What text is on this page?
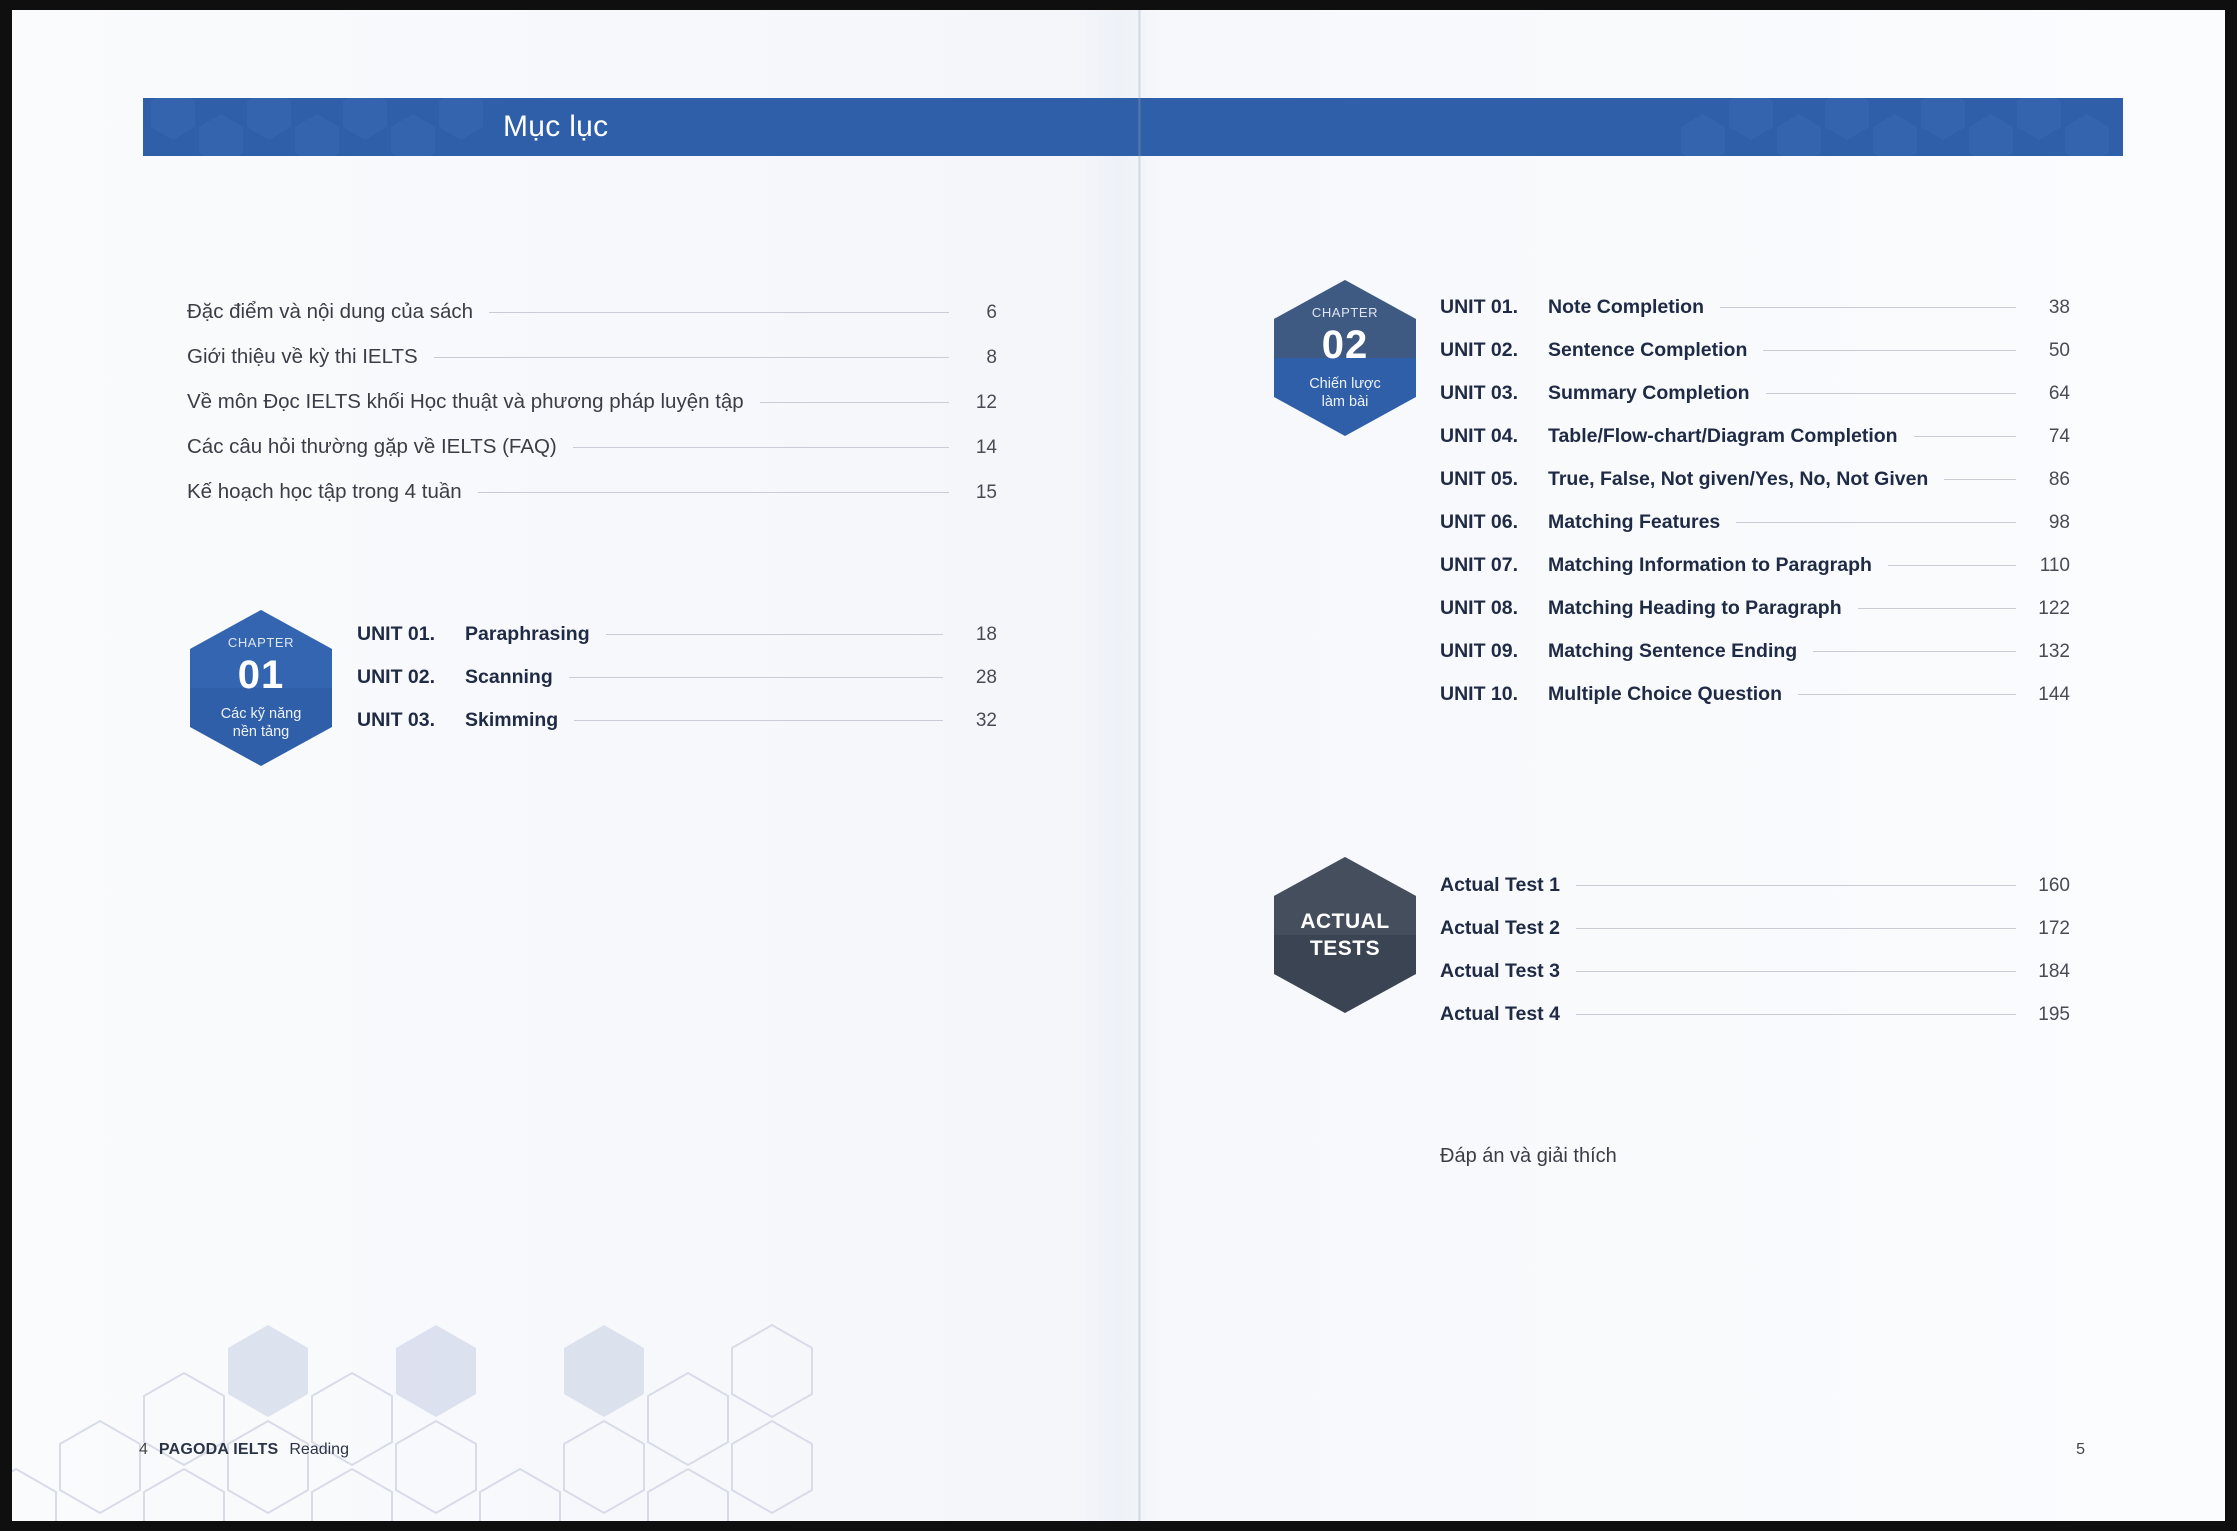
Mục lục
Đặc điểm và nội dung của sách	6
Giới thiệu về kỳ thi IELTS	8
Về môn Đọc IELTS khối Học thuật và phương pháp luyện tập	12
Các câu hỏi thường gặp về IELTS (FAQ)	14
Kế hoạch học tập trong 4 tuần	15
CHAPTER
01
Các kỹ năng
nền tảng
UNIT 01.	Paraphrasing	18
UNIT 02.	Scanning	28
UNIT 03.	Skimming	32
4 PAGODA IELTS Reading
CHAPTER
02
Chiến lược
làm bài
UNIT 01.	Note Completion	38
UNIT 02.	Sentence Completion	50
UNIT 03.	Summary Completion	64
UNIT 04.	Table/Flow-chart/Diagram Completion	74
UNIT 05.	True, False, Not given/Yes, No, Not Given	86
UNIT 06.	Matching Features	98
UNIT 07.	Matching Information to Paragraph	110
UNIT 08.	Matching Heading to Paragraph	122
UNIT 09.	Matching Sentence Ending	132
UNIT 10.	Multiple Choice Question	144
ACTUAL
TESTS
Actual Test 1	160
Actual Test 2	172
Actual Test 3	184
Actual Test 4	195
Đáp án và giải thích
5
